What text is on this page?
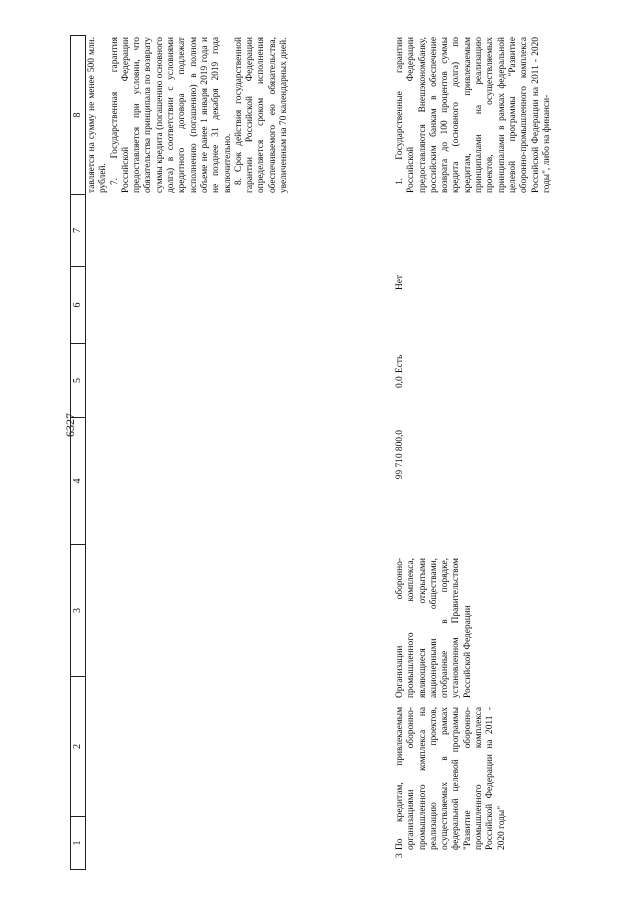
6327
1
2
3
4
5
6
7
8 тавляется на сумму не менее 500 млн. рублей. 7. Государственная гарантия Российской Федерации предоставляется при условии, что обязательства принципала по возврату суммы кредита (погашению основного долга) в соответствии с условиями кредитного договора подлежат исполнению (погашению) в полном объеме не ранее 1 января 2019 года и не позднее 31 декабря 2019 года включительно. 8. Срок действия государственной гарантии Российской Федерации определяется сроком исполнения обеспечиваемого ею обязательства, увеличенным на 70 календарных дней.
3
По кредитам, привлекаемым организациями оборонно-промышленного комплекса на реализацию проектов, осуществляемых в рамках федеральной целевой программы "Развитие оборонно-промышленного комплекса Российской Федерации на 2011 - 2020 годы"
Организации оборонно-промышленного комплекса, являющиеся открытыми акционерными обществами, отобранные в порядке, установленном Правительством Российской Федерации
99 710 800,0
0,0
Есть
Нет
1. Государственные гарантии Российской Федерации предоставляются Внешэкономбанку, российским банкам в обеспечение возврата до 100 процентов суммы кредита (основного долга) по кредитам, привлекаемым принципалами на реализацию проектов, осуществляемых принципалами в рамках федеральной целевой программы "Развитие оборонно-промышленного комплекса Российской Федерации на 2011 - 2020 годы", либо на финанси-
